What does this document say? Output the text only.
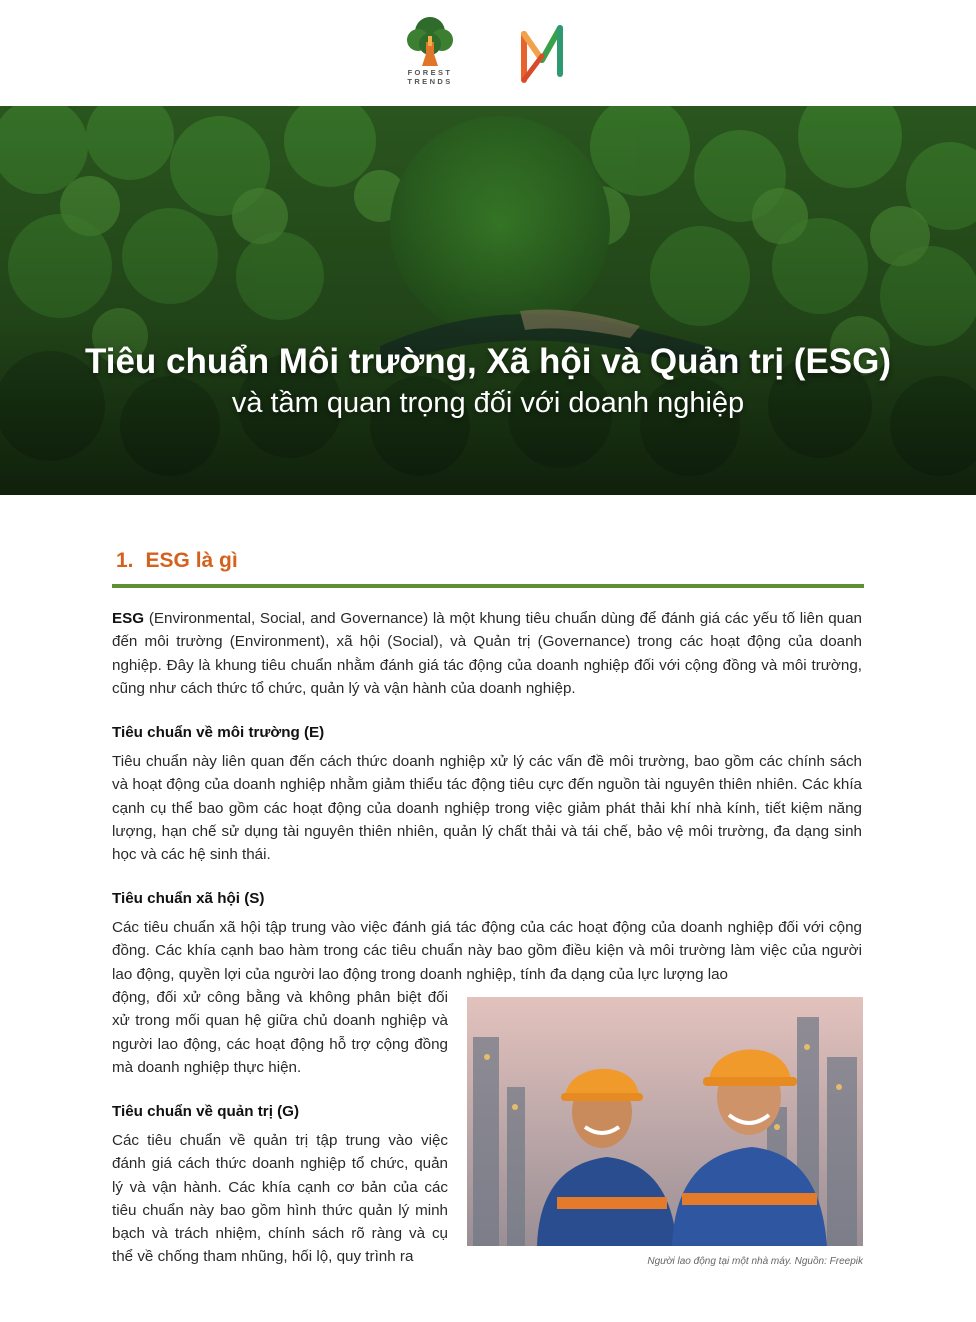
FOREST
TRENDS
Tiêu chuẩn Môi trường, Xã hội và Quản trị (ESG)
và tầm quan trọng đối với doanh nghiệp
1. ESG là gì
ESG (Environmental, Social, and Governance) là một khung tiêu chuẩn dùng để đánh giá các yếu tố liên quan đến môi trường (Environment), xã hội (Social), và Quản trị (Governance) trong các hoạt động của doanh nghiệp. Đây là khung tiêu chuẩn nhằm đánh giá tác động của doanh nghiệp đối với cộng đồng và môi trường, cũng như cách thức tổ chức, quản lý và vận hành của doanh nghiệp.
Tiêu chuẩn về môi trường (E)
Tiêu chuẩn này liên quan đến cách thức doanh nghiệp xử lý các vấn đề môi trường, bao gồm các chính sách và hoạt động của doanh nghiệp nhằm giảm thiểu tác động tiêu cực đến nguồn tài nguyên thiên nhiên. Các khía cạnh cụ thể bao gồm các hoạt động của doanh nghiệp trong việc giảm phát thải khí nhà kính, tiết kiệm năng lượng, hạn chế sử dụng tài nguyên thiên nhiên, quản lý chất thải và tái chế, bảo vệ môi trường, đa dạng sinh học và các hệ sinh thái.
Tiêu chuẩn xã hội (S)
Các tiêu chuẩn xã hội tập trung vào việc đánh giá tác động của các hoạt động của doanh nghiệp đối với cộng đồng. Các khía cạnh bao hàm trong các tiêu chuẩn này bao gồm điều kiện và môi trường làm việc của người lao động, quyền lợi của người lao động trong doanh nghiệp, tính đa dạng của lực lượng lao
động, đối xử công bằng và không phân biệt đối xử trong mối quan hệ giữa chủ doanh nghiệp và người lao động, các hoạt động hỗ trợ cộng đồng mà doanh nghiệp thực hiện.
Tiêu chuẩn về quản trị (G)
Các tiêu chuẩn về quản trị tập trung vào việc đánh giá cách thức doanh nghiệp tổ chức, quản lý và vận hành. Các khía cạnh cơ bản của các tiêu chuẩn này bao gồm hình thức quản lý minh bạch và trách nhiệm, chính sách rõ ràng và cụ thể về chống tham nhũng, hối lộ, quy trình ra	Người lao động tại một nhà máy. Nguồn: Freepik
